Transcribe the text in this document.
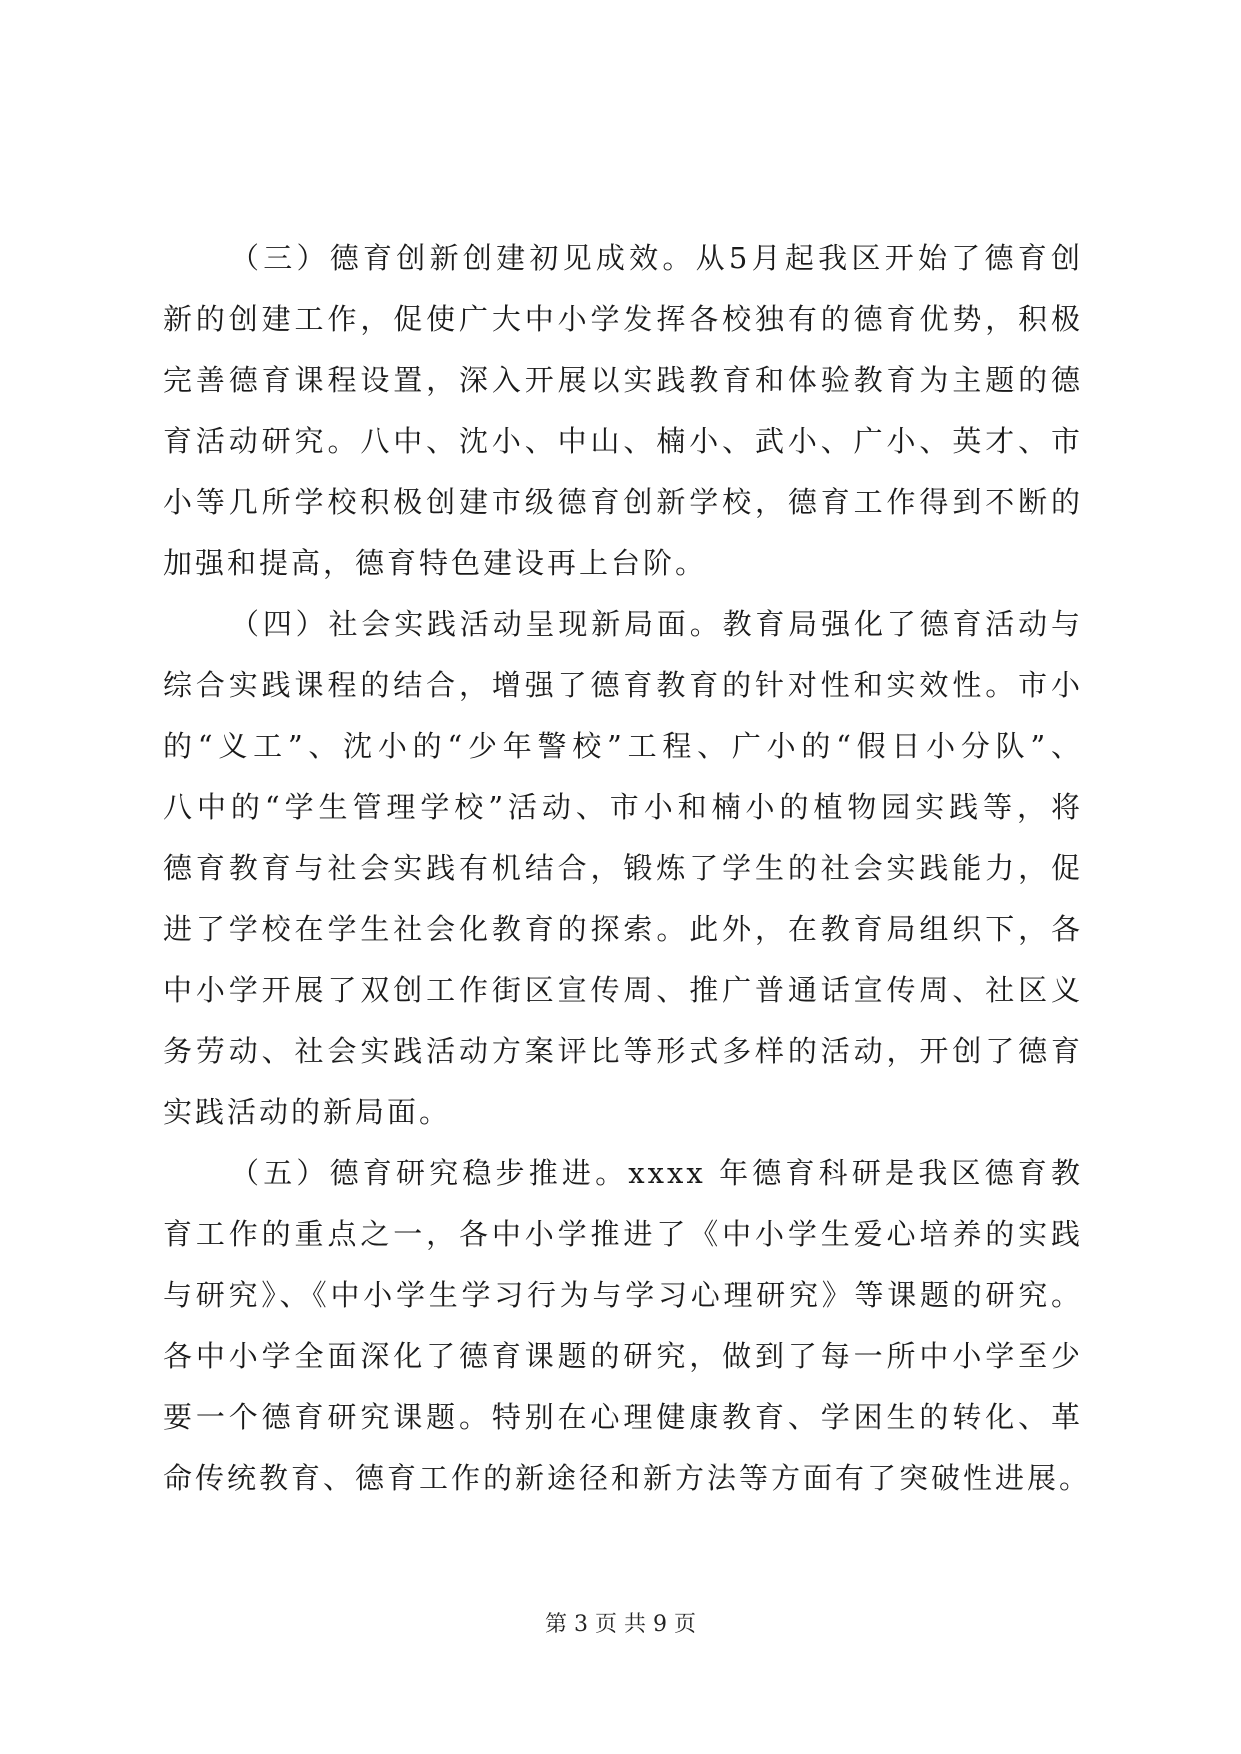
（三）德育创新创建初见成效。从5月起我区开始了德育创
新的创建工作，促使广大中小学发挥各校独有的德育优势，积极
完善德育课程设置，深入开展以实践教育和体验教育为主题的德
育活动研究。八中、沈小、中山、楠小、武小、广小、英才、市
小等几所学校积极创建市级德育创新学校，德育工作得到不断的
加强和提高，德育特色建设再上台阶。
（四）社会实践活动呈现新局面。教育局强化了德育活动与
综合实践课程的结合，增强了德育教育的针对性和实效性。市小
的“义工”、沈小的“少年警校”工程、广小的“假日小分队”、
八中的“学生管理学校”活动、市小和楠小的植物园实践等，将
德育教育与社会实践有机结合，锻炼了学生的社会实践能力，促
进了学校在学生社会化教育的探索。此外，在教育局组织下，各
中小学开展了双创工作街区宣传周、推广普通话宣传周、社区义
务劳动、社会实践活动方案评比等形式多样的活动，开创了德育
实践活动的新局面。
（五）德育研究稳步推进。xxxx 年德育科研是我区德育教
育工作的重点之一，各中小学推进了《中小学生爱心培养的实践
与研究》、《中小学生学习行为与学习心理研究》等课题的研究。
各中小学全面深化了德育课题的研究，做到了每一所中小学至少
要一个德育研究课题。特别在心理健康教育、学困生的转化、革
命传统教育、德育工作的新途径和新方法等方面有了突破性进展。
第 3 页 共 9 页
